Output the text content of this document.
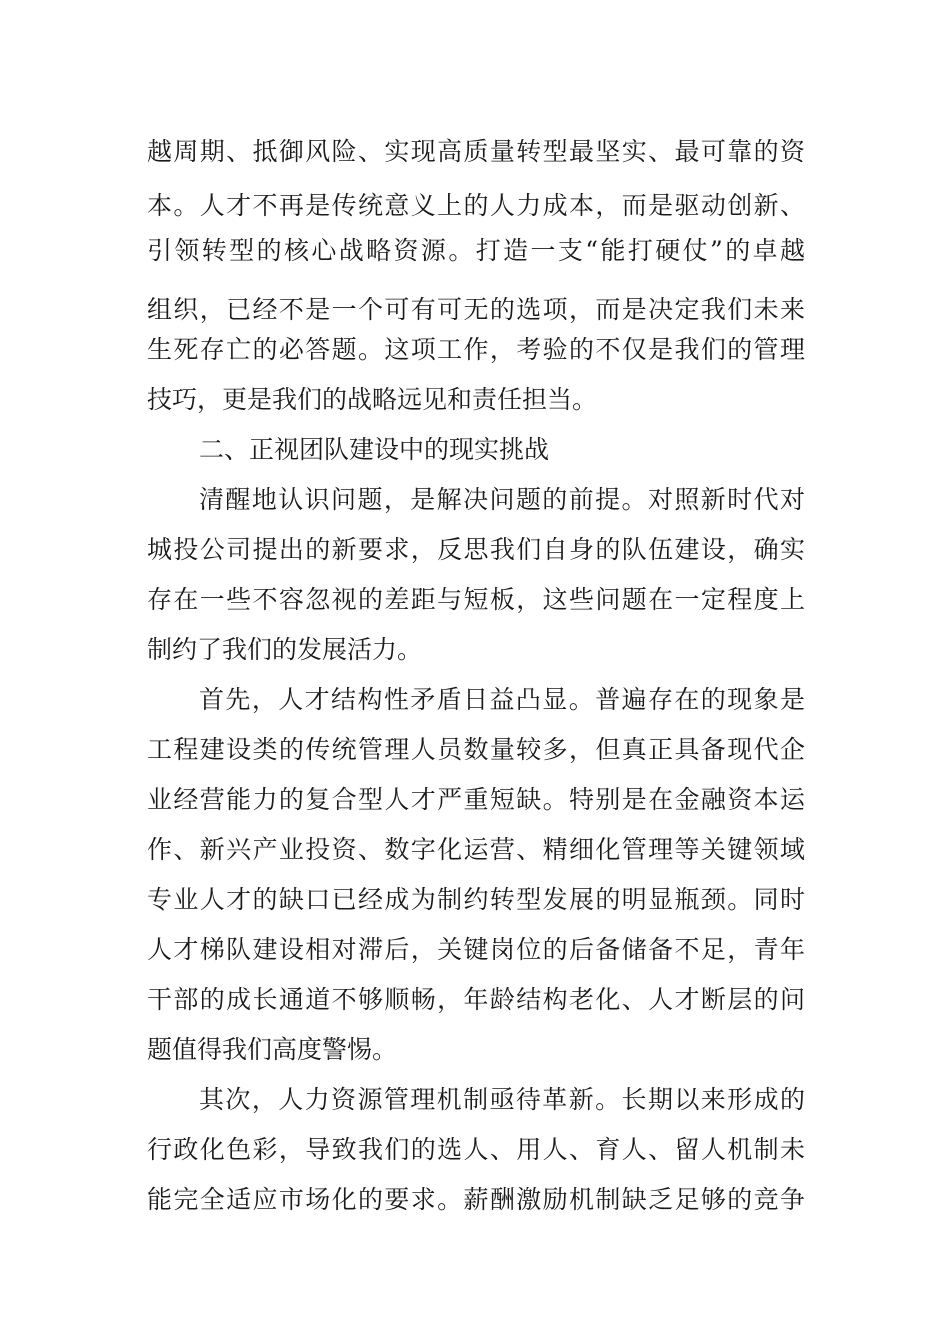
越周期、抵御风险、实现高质量转型最坚实、最可靠的资
本。人才不再是传统意义上的人力成本，而是驱动创新、
引领转型的核心战略资源。打造一支“能打硬仗”的卓越
组织，已经不是一个可有可无的选项，而是决定我们未来
生死存亡的必答题。这项工作，考验的不仅是我们的管理
技巧，更是我们的战略远见和责任担当。
二、正视团队建设中的现实挑战
清醒地认识问题，是解决问题的前提。对照新时代对
城投公司提出的新要求，反思我们自身的队伍建设，确实
存在一些不容忽视的差距与短板，这些问题在一定程度上
制约了我们的发展活力。
首先，人才结构性矛盾日益凸显。普遍存在的现象是
工程建设类的传统管理人员数量较多，但真正具备现代企
业经营能力的复合型人才严重短缺。特别是在金融资本运
作、新兴产业投资、数字化运营、精细化管理等关键领域
专业人才的缺口已经成为制约转型发展的明显瓶颈。同时
人才梯队建设相对滞后，关键岗位的后备储备不足，青年
干部的成长通道不够顺畅，年龄结构老化、人才断层的问
题值得我们高度警惕。
其次，人力资源管理机制亟待革新。长期以来形成的
行政化色彩，导致我们的选人、用人、育人、留人机制未
能完全适应市场化的要求。薪酬激励机制缺乏足够的竞争
